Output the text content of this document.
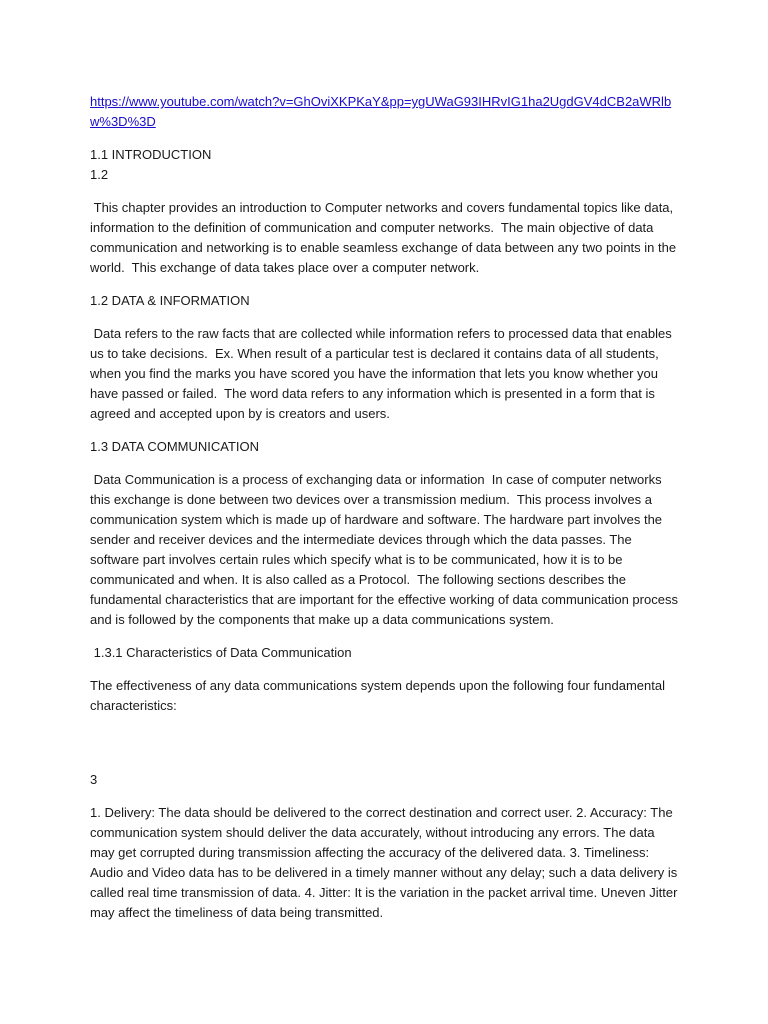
https://www.youtube.com/watch?v=GhOviXKPKaY&pp=ygUWaG93IHRvIG1ha2UgdGV4dCB2aWRlbw%3D%3D

1.1 INTRODUCTION

1.2

This chapter provides an introduction to Computer networks and covers fundamental topics like data, information to the definition of communication and computer networks.  The main objective of data communication and networking is to enable seamless exchange of data between any two points in the world.  This exchange of data takes place over a computer network.

1.2 DATA & INFORMATION

Data refers to the raw facts that are collected while information refers to processed data that enables us to take decisions.  Ex. When result of a particular test is declared it contains data of all students, when you find the marks you have scored you have the information that lets you know whether you have passed or failed.  The word data refers to any information which is presented in a form that is agreed and accepted upon by is creators and users.

1.3 DATA COMMUNICATION

Data Communication is a process of exchanging data or information  In case of computer networks this exchange is done between two devices over a transmission medium.  This process involves a communication system which is made up of hardware and software. The hardware part involves the sender and receiver devices and the intermediate devices through which the data passes. The software part involves certain rules which specify what is to be communicated, how it is to be communicated and when. It is also called as a Protocol.  The following sections describes the fundamental characteristics that are important for the effective working of data communication process and is followed by the components that make up a data communications system.

1.3.1 Characteristics of Data Communication

The effectiveness of any data communications system depends upon the following four fundamental characteristics:

3

1. Delivery: The data should be delivered to the correct destination and correct user. 2. Accuracy: The communication system should deliver the data accurately, without introducing any errors. The data may get corrupted during transmission affecting the accuracy of the delivered data. 3. Timeliness: Audio and Video data has to be delivered in a timely manner without any delay; such a data delivery is called real time transmission of data. 4. Jitter: It is the variation in the packet arrival time. Uneven Jitter may affect the timeliness of data being transmitted.
